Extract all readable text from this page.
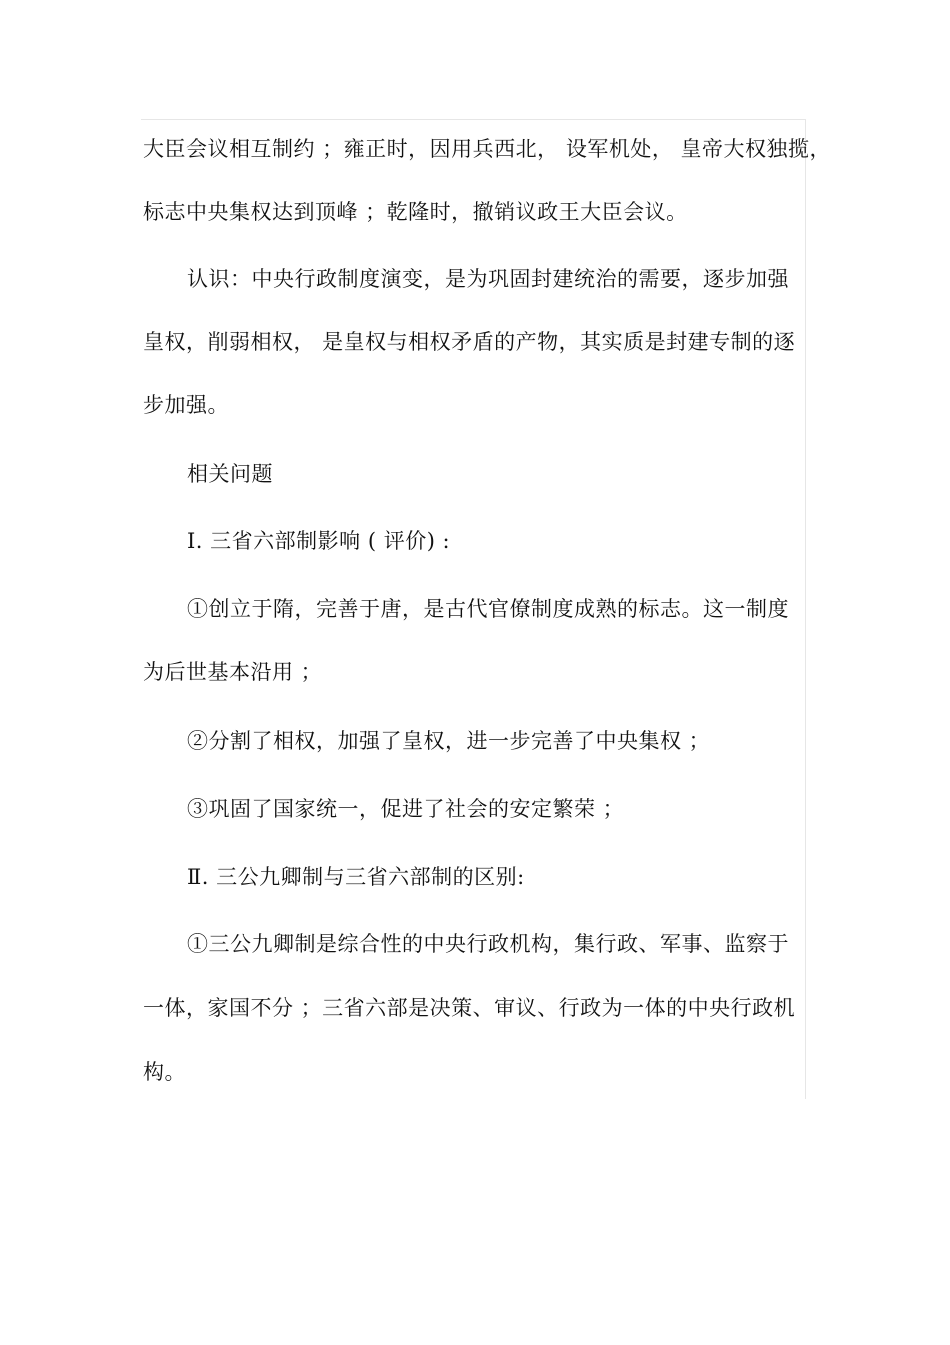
大臣会议相互制约 ；雍正时，因用兵西北， 设军机处， 皇帝大权独揽，
标志中央集权达到顶峰 ；乾隆时，撤销议政王大臣会议。
认识：中央行政制度演变，是为巩固封建统治的需要，逐步加强
皇权，削弱相权， 是皇权与相权矛盾的产物，其实质是封建专制的逐
步加强。
相关问题
Ⅰ. 三省六部制影响 ( 评价) :
①创立于隋，完善于唐，是古代官僚制度成熟的标志。这一制度
为后世基本沿用 ；
②分割了相权，加强了皇权，进一步完善了中央集权 ；
③巩固了国家统一，促进了社会的安定繁荣 ；
Ⅱ. 三公九卿制与三省六部制的区别:
①三公九卿制是综合性的中央行政机构，集行政、军事、监察于
一体，家国不分 ；三省六部是决策、审议、行政为一体的中央行政机
构。
